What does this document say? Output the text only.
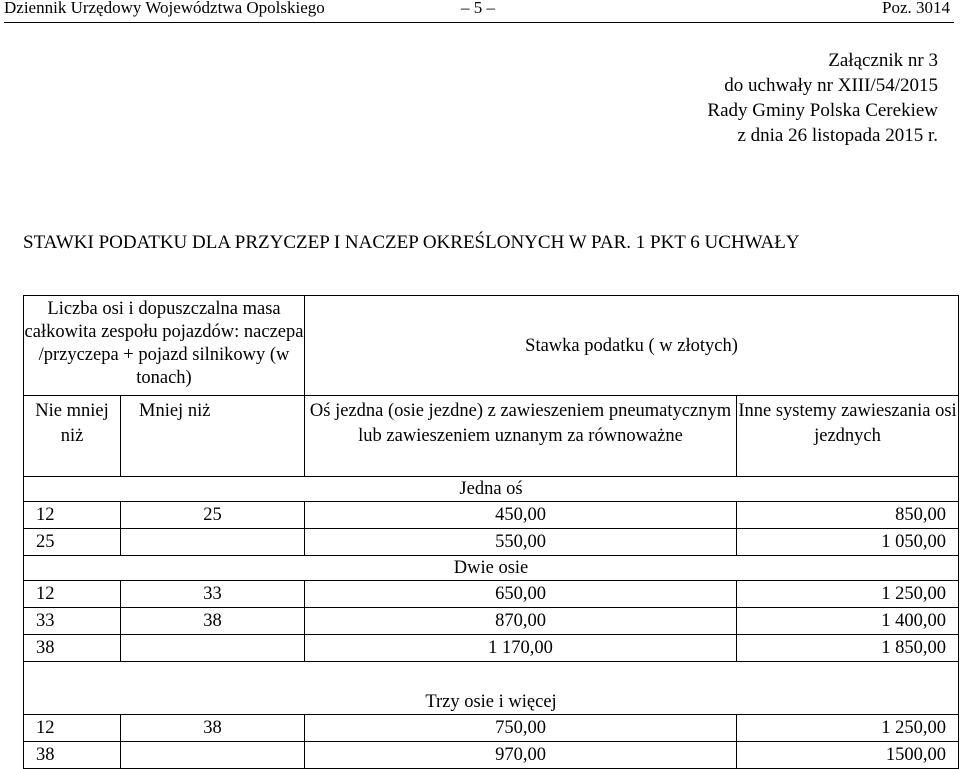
Dziennik Urzędowy Województwa Opolskiego	– 5 –	Poz. 3014
Załącznik nr 3
do uchwały nr XIII/54/2015
Rady Gminy Polska Cerekiew
z dnia 26 listopada 2015 r.
STAWKI PODATKU DLA PRZYCZEP I NACZEP OKREŚLONYCH W PAR. 1 PKT 6 UCHWAŁY
Liczba osi i dopuszczalna masa całkowita zespołu pojazdów: naczepa /przyczepa + pojazd silnikowy (w tonach)		Stawka podatku ( w złotych)	
Nie mniej niż	Mniej niż	Oś jezdna (osie jezdne) z zawieszeniem pneumatycznym lub zawieszeniem uznanym za równoważne	Inne systemy zawieszania osi jezdnych
Jedna oś			
12	25	450,00	850,00
25		550,00	1 050,00
Dwie osie			
12	33	650,00	1 250,00
33	38	870,00	1 400,00
38		1 170,00	1 850,00
Trzy osie i więcej			
12	38	750,00	1 250,00
38		970,00	1500,00
